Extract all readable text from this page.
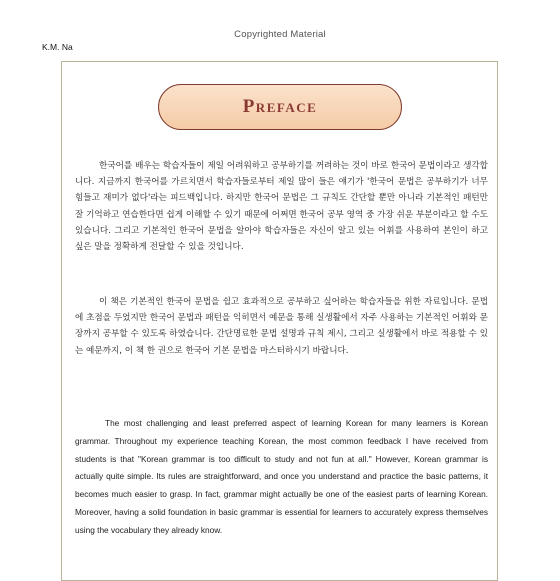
Copyrighted Material
K.M. Na
Preface

한국어를 배우는 학습자들이 제일 어려워하고 공부하기를 꺼려하는 것이 바로 한국어 문법이라고 생각합니다. 지금까지 한국어를 가르치면서 학습자들로부터 제일 많이 들은 얘기가 '한국어 문법은 공부하기가 너무 힘들고 재미가 없다'라는 피드백입니다. 하지만 한국어 문법은 그 규칙도 간단할 뿐만 아니라 기본적인 패턴만 잘 기억하고 연습한다면 쉽게 이해할 수 있기 때문에 어쩌면 한국어 공부 영역 중 가장 쉬운 부분이라고 할 수도 있습니다. 그리고 기본적인 한국어 문법을 알아야 학습자들은 자신이 알고 있는 어휘를 사용하여 본인이 하고 싶은 말을 정확하게 전달할 수 있을 것입니다.

이 책은 기본적인 한국어 문법을 쉽고 효과적으로 공부하고 싶어하는 학습자들을 위한 자료입니다. 문법에 초점을 두었지만 한국어 문법과 패턴을 익히면서 예문을 통해 실생활에서 자주 사용하는 기본적인 어휘와 문장까지 공부할 수 있도록 하였습니다. 간단명료한 문법 설명과 규칙 제시, 그리고 실생활에서 바로 적용할 수 있는 예문까지, 이 책 한 권으로 한국어 기본 문법을 마스터하시기 바랍니다.

The most challenging and least preferred aspect of learning Korean for many learners is Korean grammar. Throughout my experience teaching Korean, the most common feedback I have received from students is that "Korean grammar is too difficult to study and not fun at all." However, Korean grammar is actually quite simple. Its rules are straightforward, and once you understand and practice the basic patterns, it becomes much easier to grasp. In fact, grammar might actually be one of the easiest parts of learning Korean. Moreover, having a solid foundation in basic grammar is essential for learners to accurately express themselves using the vocabulary they already know.
